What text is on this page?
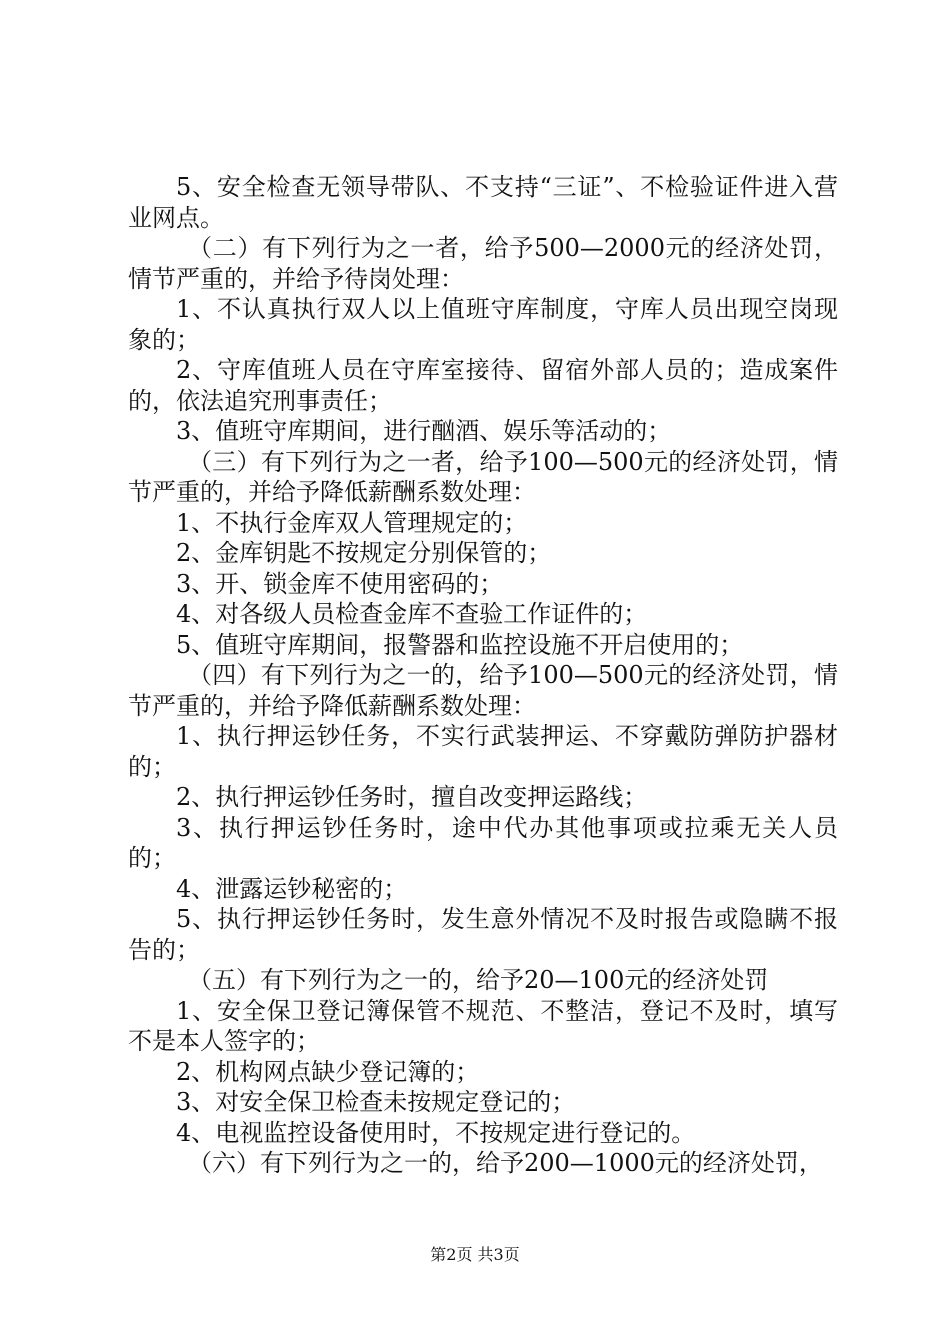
5、安全检查无领导带队、不支持“三证”、不检验证件进入营业网点。

（二）有下列行为之一者，给予500—2000元的经济处罚，情节严重的，并给予待岗处理：

1、不认真执行双人以上值班守库制度，守库人员出现空岗现象的；

2、守库值班人员在守库室接待、留宿外部人员的；造成案件的，依法追究刑事责任；

3、值班守库期间，进行酗酒、娱乐等活动的；

（三）有下列行为之一者，给予100—500元的经济处罚，情节严重的，并给予降低薪酬系数处理：

1、不执行金库双人管理规定的；

2、金库钥匙不按规定分别保管的；

3、开、锁金库不使用密码的；

4、对各级人员检查金库不查验工作证件的；

5、值班守库期间，报警器和监控设施不开启使用的；

（四）有下列行为之一的，给予100—500元的经济处罚，情节严重的，并给予降低薪酬系数处理：

1、执行押运钞任务，不实行武装押运、不穿戴防弹防护器材的；

2、执行押运钞任务时，擅自改变押运路线；

3、执行押运钞任务时，途中代办其他事项或拉乘无关人员的；

4、泄露运钞秘密的；

5、执行押运钞任务时，发生意外情况不及时报告或隐瞒不报告的；

（五）有下列行为之一的，给予20—100元的经济处罚

1、安全保卫登记簿保管不规范、不整洁，登记不及时，填写不是本人签字的；

2、机构网点缺少登记簿的；

3、对安全保卫检查未按规定登记的；

4、电视监控设备使用时，不按规定进行登记的。

（六）有下列行为之一的，给予200—1000元的经济处罚，

第2页 共3页
